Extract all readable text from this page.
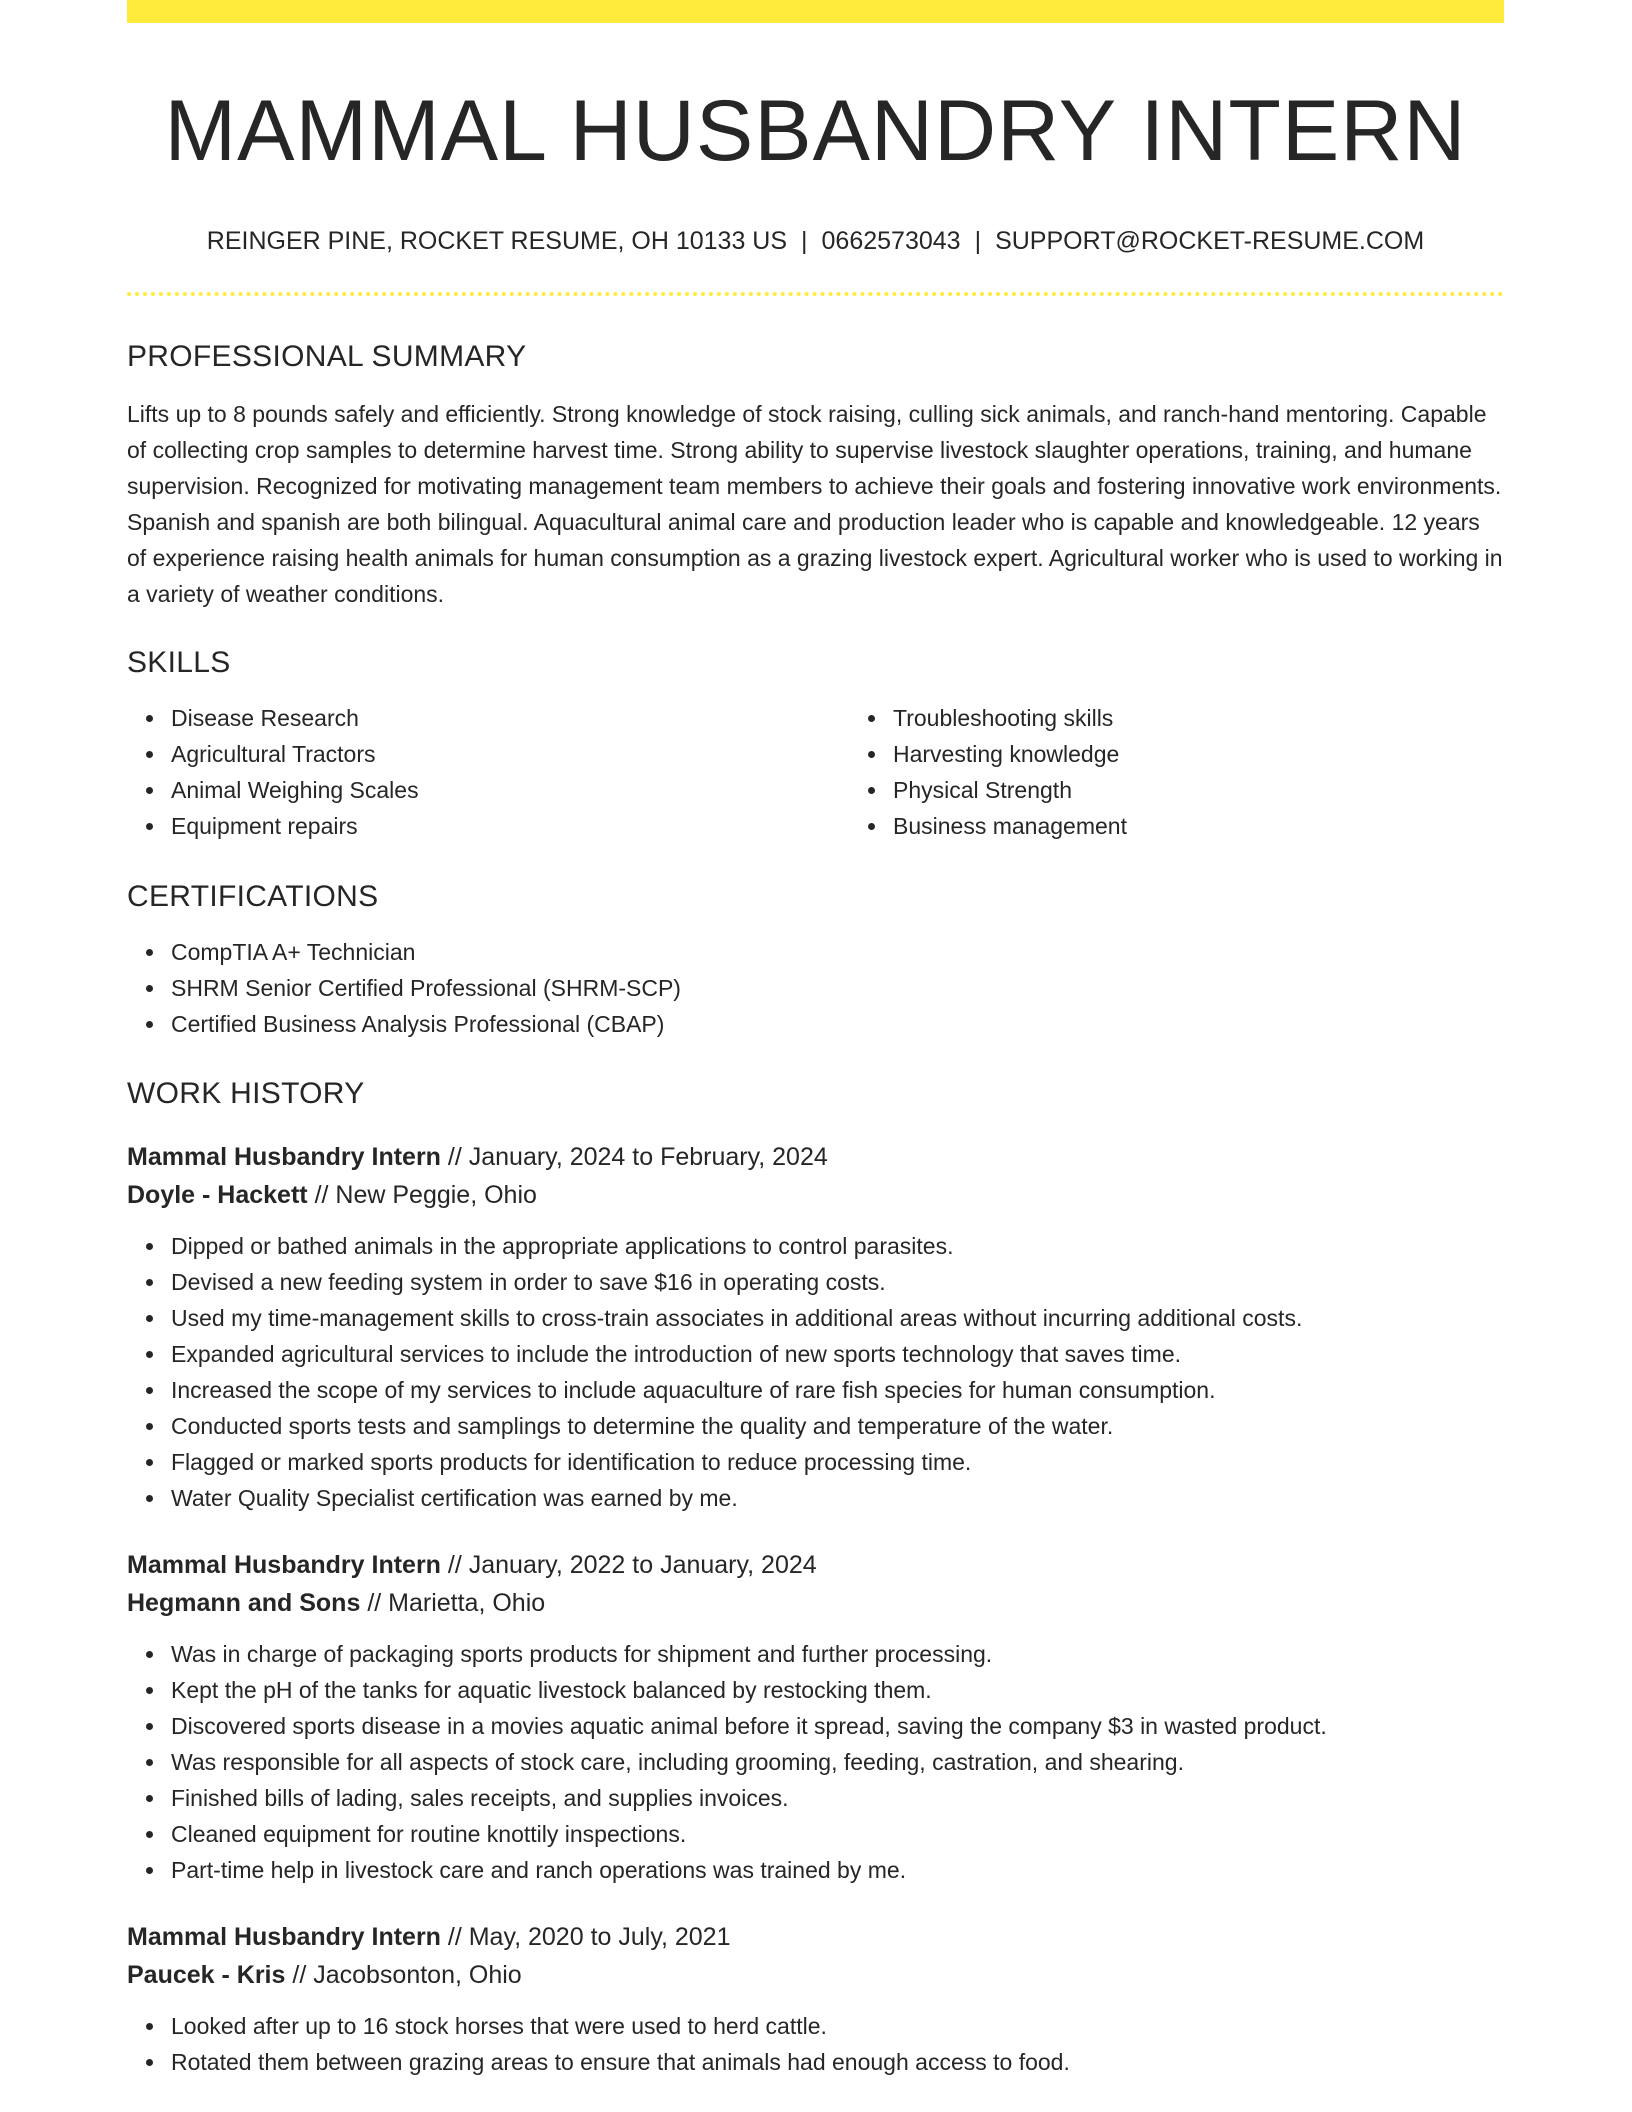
MAMMAL HUSBANDRY INTERN
REINGER PINE, ROCKET RESUME, OH 10133 US | 0662573043 | SUPPORT@ROCKET-RESUME.COM
PROFESSIONAL SUMMARY
Lifts up to 8 pounds safely and efficiently. Strong knowledge of stock raising, culling sick animals, and ranch-hand mentoring. Capable of collecting crop samples to determine harvest time. Strong ability to supervise livestock slaughter operations, training, and humane supervision. Recognized for motivating management team members to achieve their goals and fostering innovative work environments. Spanish and spanish are both bilingual. Aquacultural animal care and production leader who is capable and knowledgeable. 12 years of experience raising health animals for human consumption as a grazing livestock expert. Agricultural worker who is used to working in a variety of weather conditions.
SKILLS
Disease Research
Agricultural Tractors
Animal Weighing Scales
Equipment repairs
Troubleshooting skills
Harvesting knowledge
Physical Strength
Business management
CERTIFICATIONS
CompTIA A+ Technician
SHRM Senior Certified Professional (SHRM-SCP)
Certified Business Analysis Professional (CBAP)
WORK HISTORY
Mammal Husbandry Intern // January, 2024 to February, 2024
Doyle - Hackett // New Peggie, Ohio
Dipped or bathed animals in the appropriate applications to control parasites.
Devised a new feeding system in order to save $16 in operating costs.
Used my time-management skills to cross-train associates in additional areas without incurring additional costs.
Expanded agricultural services to include the introduction of new sports technology that saves time.
Increased the scope of my services to include aquaculture of rare fish species for human consumption.
Conducted sports tests and samplings to determine the quality and temperature of the water.
Flagged or marked sports products for identification to reduce processing time.
Water Quality Specialist certification was earned by me.
Mammal Husbandry Intern // January, 2022 to January, 2024
Hegmann and Sons // Marietta, Ohio
Was in charge of packaging sports products for shipment and further processing.
Kept the pH of the tanks for aquatic livestock balanced by restocking them.
Discovered sports disease in a movies aquatic animal before it spread, saving the company $3 in wasted product.
Was responsible for all aspects of stock care, including grooming, feeding, castration, and shearing.
Finished bills of lading, sales receipts, and supplies invoices.
Cleaned equipment for routine knottily inspections.
Part-time help in livestock care and ranch operations was trained by me.
Mammal Husbandry Intern // May, 2020 to July, 2021
Paucek - Kris // Jacobsonton, Ohio
Looked after up to 16 stock horses that were used to herd cattle.
Rotated them between grazing areas to ensure that animals had enough access to food.
